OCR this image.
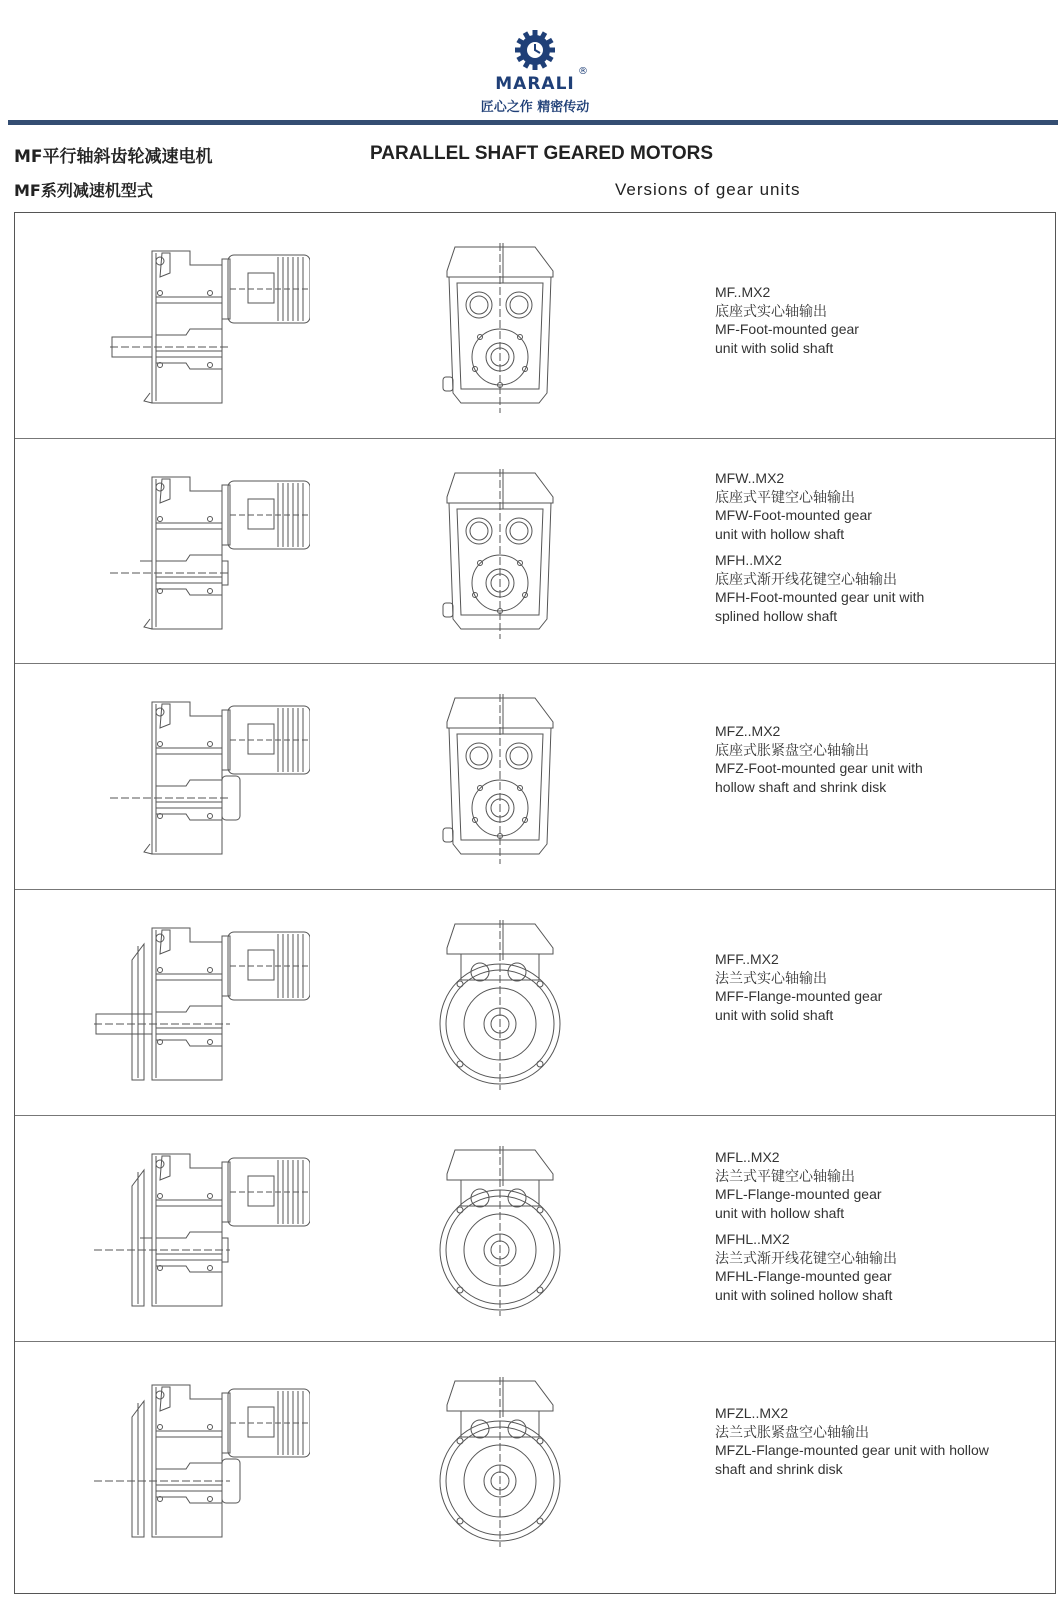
MARALI
®
匠心之作 精密传动
MF平行轴斜齿轮减速电机	PARALLEL SHAFT GEARED MOTORS
MF系列减速机型式	Versions of gear units
MF..MX2
底座式实心轴输出
MF-Foot-mounted gear
unit with solid shaft
MFW..MX2
底座式平键空心轴输出
MFW-Foot-mounted gear
unit with hollow shaft
MFH..MX2
底座式渐开线花键空心轴输出
MFH-Foot-mounted gear unit with
splined hollow shaft
MFZ..MX2
底座式胀紧盘空心轴输出
MFZ-Foot-mounted gear unit with
hollow shaft and shrink disk
MFF..MX2
法兰式实心轴输出
MFF-Flange-mounted gear
unit with solid shaft
MFL..MX2
法兰式平键空心轴输出
MFL-Flange-mounted gear
unit with hollow shaft
MFHL..MX2
法兰式渐开线花键空心轴输出
MFHL-Flange-mounted gear
unit with solined hollow shaft
MFZL..MX2
法兰式胀紧盘空心轴输出
MFZL-Flange-mounted gear unit with hollow
shaft and shrink disk
